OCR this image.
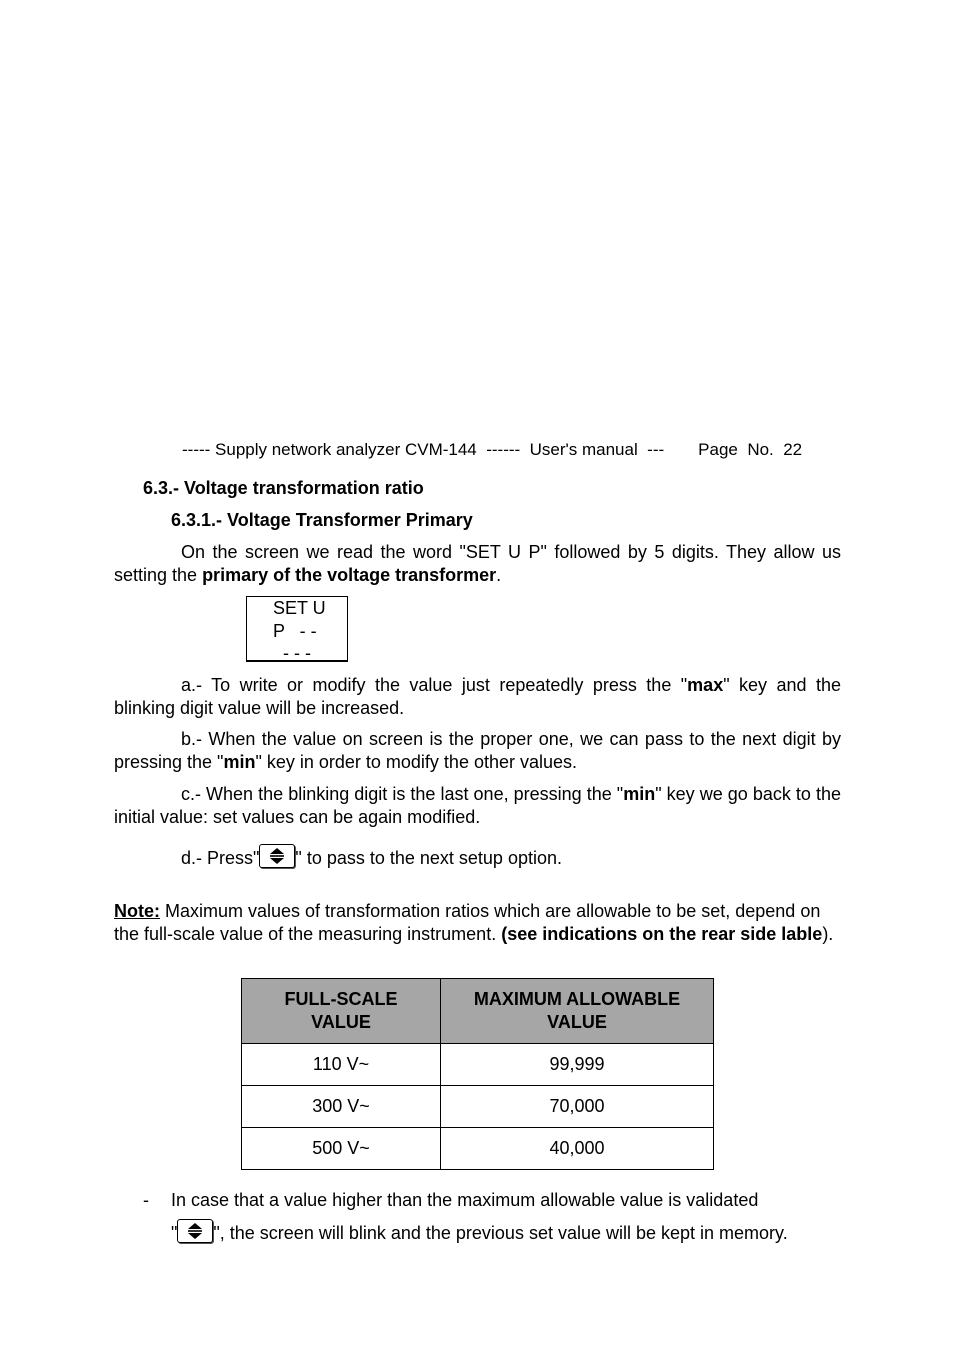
----- Supply network analyzer CVM-144  ------  User's manual  --- Page  No.  22
6.3.- Voltage transformation ratio
6.3.1.- Voltage Transformer Primary
On the screen we read the word "SET U P" followed by 5 digits. They allow us setting the primary of the voltage transformer.
SET U
P   - -
- - -
a.- To write or modify the value just repeatedly press the "max" key and the blinking digit value will be increased.
b.- When the value on screen is the proper one, we can pass to the next digit by pressing the "min" key in order to modify the other values.
c.- When the blinking digit is the last one, pressing the "min" key we go back to the initial value: set values can be again modified.
d.- Press" " to pass to the next setup option.
Note: Maximum values of transformation ratios which are allowable to be set, depend on the full-scale value of the measuring instrument. (see indications on the rear side lable).
FULL-SCALE VALUE	MAXIMUM ALLOWABLE VALUE

110 V~	99,999
300 V~	70,000
500 V~	40,000
- In case that a value higher than the maximum allowable value is validated
" ", the screen will blink and the previous set value will be kept in memory.
